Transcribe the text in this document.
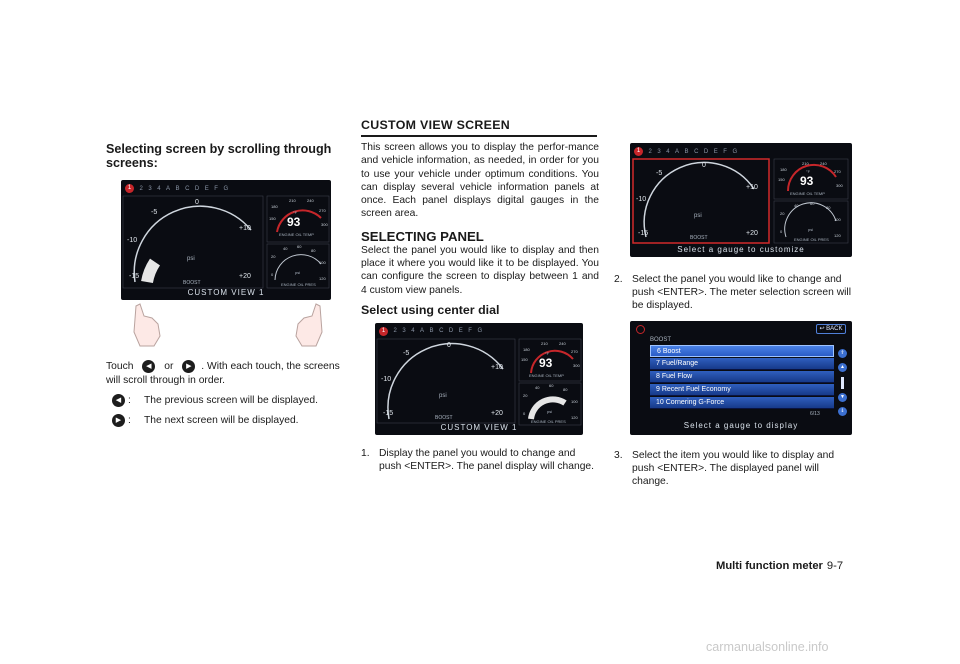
Selecting screen by scrolling through screens:
1	2 3 4 A B C D E F G
BOOST
psi
0
-5
+10
-10
-15	+20
93
°F
ENGINE OIL TEMP
ENGINE OIL PRES
210	240
180
270
150
300
psi
40 60
80
20
100
0
120
CUSTOM VIEW 1
Touch ◀ or ▶ . With each touch, the screens will scroll through in order.
◀ :	The previous screen will be displayed.
▶ :	The next screen will be displayed.
CUSTOM VIEW SCREEN
This screen allows you to display the perfor-mance and vehicle information, as needed, in order for you to use your vehicle under optimum conditions. You can display several vehicle information panels at once. Each panel displays digital gauges in the screen area.
SELECTING PANEL
Select the panel you would like to display and then place it where you would like it to be displayed. You can configure the screen to display between 1 and 4 custom view panels.
Select using center dial
1	2 3 4 A B C D E F G
93
ENGINE OIL TEMP
ENGINE OIL PRES
BOOST
psi
0
-5
+10
-10
-15	+20
°F
210	240
180	270
150
300
psi
40 60
80
20
100
0
120
CUSTOM VIEW 1
1. Display the panel you would to change and push <ENTER>. The panel display will change.
1	2 3 4 A B C D E F G
93
ENGINE OIL TEMP
ENGINE OIL PRES
BOOST
psi
0
-5
+10
-10
-15	+20
°F
210	240
180	270
150
300
psi
40	60
80
20
100
0
120
Select a gauge to customize
2. Select the panel you would like to change and push <ENTER>. The meter selection screen will be displayed.
↩ BACK
BOOST
6 Boost
7 Fuel/Range
8 Fuel Flow
9 Recent Fuel Economy
10 Cornering G-Force
⇑
▲
▼
⇓
6/13
Select a gauge to display
3. Select the item you would like to display and push <ENTER>. The displayed panel will change.
Multi function meter 9-7
carmanualsonline.info
